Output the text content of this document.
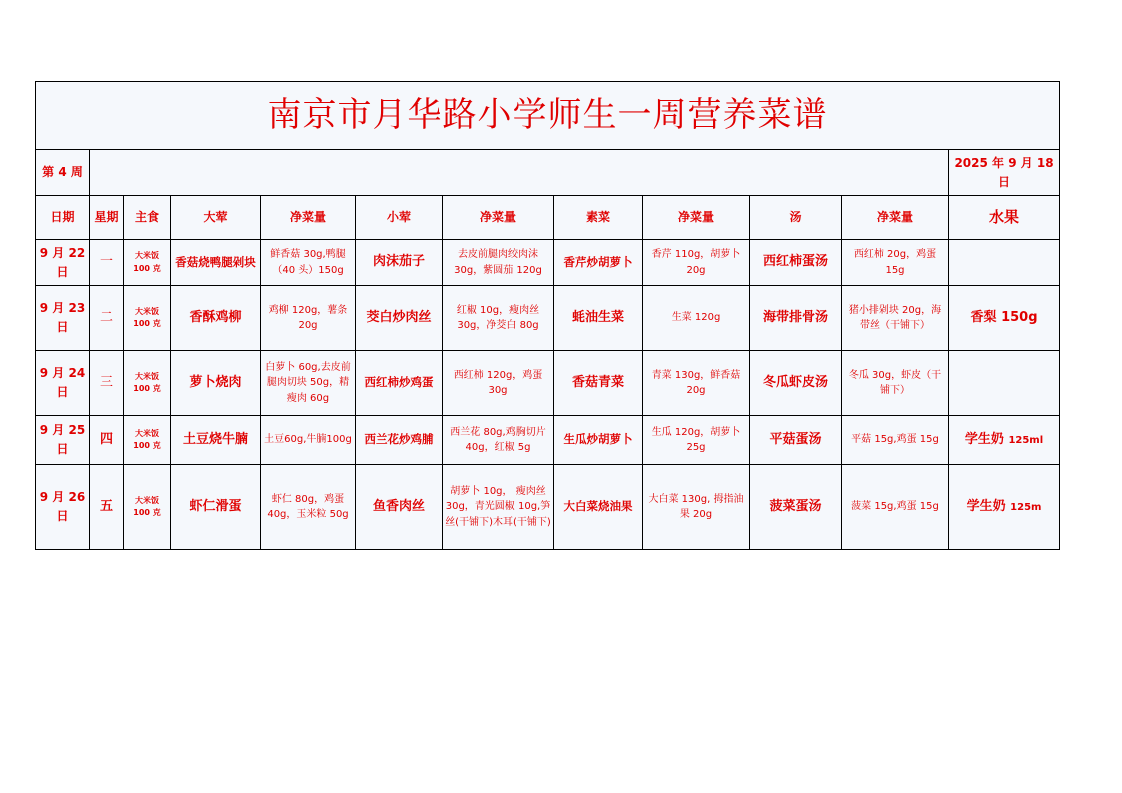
南京市月华路小学师生一周营养菜谱											
第 4 周											2025 年 9 月 18 日
日期	星期	主食	大荤	净菜量	小荤	净菜量	素菜	净菜量	汤	净菜量	水果
9 月 22 日	一	大米饭 100 克	香菇烧鸭腿剁块	鲜香菇 30g,鸭腿（40 头）150g	肉沫茄子	去皮前腿肉绞肉沫 30g，紫圆茄 120g	香芹炒胡萝卜	香芹 110g，胡萝卜 20g	西红柿蛋汤	西红柿 20g，鸡蛋 15g	
9 月 23 日	二	大米饭 100 克	香酥鸡柳	鸡柳 120g，薯条 20g	茭白炒肉丝	红椒 10g，瘦肉丝 30g，净茭白 80g	蚝油生菜	生菜 120g	海带排骨汤	猪小排剁块 20g，海带丝（干铺下）	香梨 150g
9 月 24 日	三	大米饭 100 克	萝卜烧肉	白萝卜 60g,去皮前腿肉切块 50g，精瘦肉 60g	西红柿炒鸡蛋	西红柿 120g，鸡蛋 30g	香菇青菜	青菜 130g，鲜香菇 20g	冬瓜虾皮汤	冬瓜 30g，虾皮（干铺下）	
9 月 25 日	四	大米饭 100 克	土豆烧牛腩	土豆60g,牛腩100g	西兰花炒鸡脯	西兰花 80g,鸡胸切片 40g，红椒 5g	生瓜炒胡萝卜	生瓜 120g，胡萝卜 25g	平菇蛋汤	平菇 15g,鸡蛋 15g	学生奶 125ml
9 月 26 日	五	大米饭 100 克	虾仁滑蛋	虾仁 80g，鸡蛋 40g，玉米粒 50g	鱼香肉丝	胡萝卜 10g， 瘦肉丝 30g，青光圆椒 10g,笋丝(干铺下)木耳(干铺下)	大白菜烧油果	大白菜 130g, 拇指油果 20g	菠菜蛋汤	菠菜 15g,鸡蛋 15g	学生奶 125m
